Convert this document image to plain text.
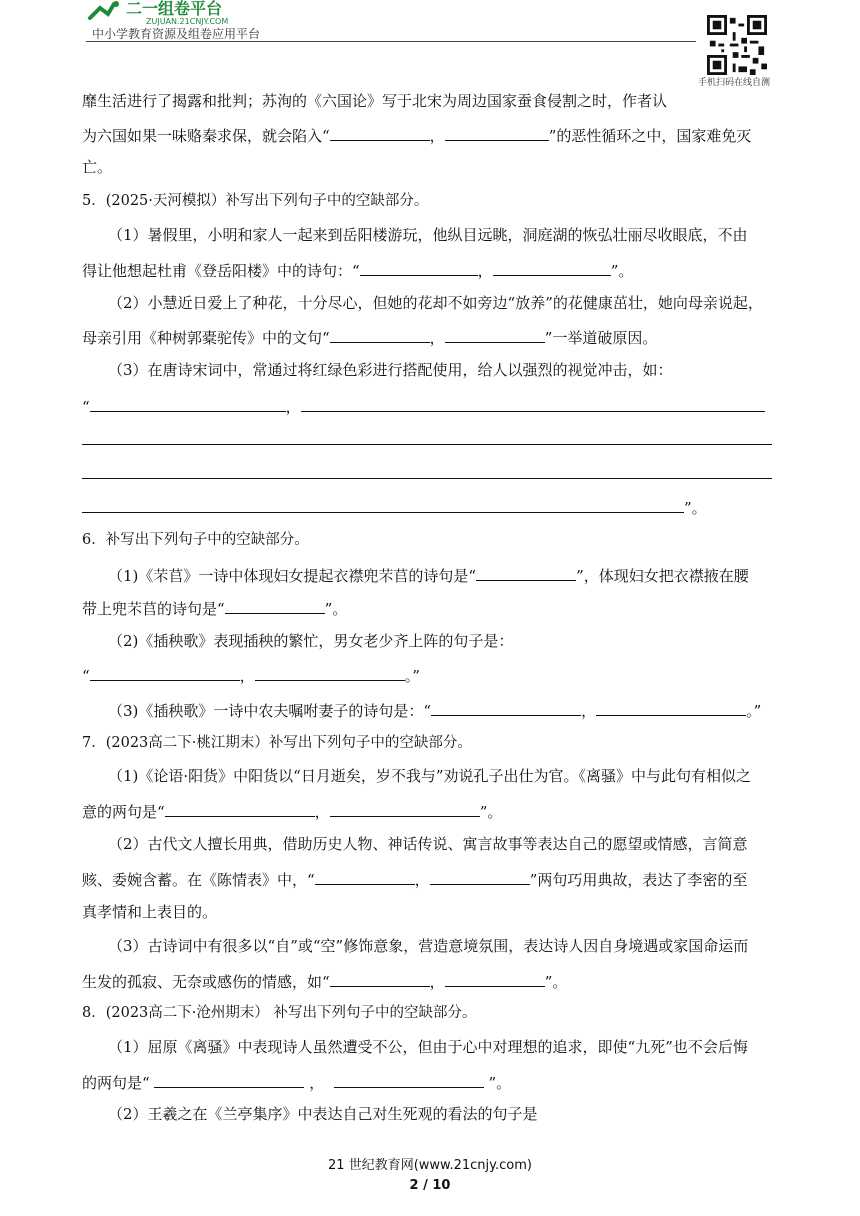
二一组卷平台
ZUJUAN.21CNJY.COM
中小学教育资源及组卷应用平台
手机扫码在线自测
靡生活进行了揭露和批判；苏洵的《六国论》写于北宋为周边国家蚕食侵割之时，作者认
为六国如果一味赂秦求保，就会陷入“	，	”的恶性循环之中，国家难免灭
亡。
5．(2025·天河模拟）补写出下列句子中的空缺部分。
（1）暑假里，小明和家人一起来到岳阳楼游玩，他纵目远眺，洞庭湖的恢弘壮丽尽收眼底，不由
得让他想起杜甫《登岳阳楼》中的诗句：“	，	”。
（2）小慧近日爱上了种花，十分尽心，但她的花却不如旁边“放养”的花健康茁壮，她向母亲说起，
母亲引用《种树郭橐驼传》中的文句“	，	”一举道破原因。
（3）在唐诗宋词中，常通过将红绿色彩进行搭配使用，给人以强烈的视觉冲击，如：
“	，
”。
6．补写出下列句子中的空缺部分。
（1)《芣苢》一诗中体现妇女提起衣襟兜芣苢的诗句是“	”，体现妇女把衣襟掖在腰
带上兜芣苢的诗句是“	”。
（2)《插秧歌》表现插秧的繁忙，男女老少齐上阵的句子是：
“	，	。”
（3)《插秧歌》一诗中农夫嘱咐妻子的诗句是：“	，	。”
7．(2023高二下·桃江期末）补写出下列句子中的空缺部分。
（1)《论语·阳货》中阳货以“日月逝矣，岁不我与”劝说孔子出仕为官。《离骚》中与此句有相似之
意的两句是“	，	”。
（2）古代文人擅长用典，借助历史人物、神话传说、寓言故事等表达自己的愿望或情感，言简意
赅、委婉含蓄。在《陈情表》中，“	，	”两句巧用典故，表达了李密的至
真孝情和上表目的。
（3）古诗词中有很多以“自”或“空”修饰意象，营造意境氛围，表达诗人因自身境遇或家国命运而
生发的孤寂、无奈或感伤的情感，如“	，	”。
8．(2023高二下·沧州期末） 补写出下列句子中的空缺部分。
（1）屈原《离骚》中表现诗人虽然遭受不公，但由于心中对理想的追求，即使“九死”也不会后悔
的两句是“	，	”。
（2）王羲之在《兰亭集序》中表达自己对生死观的看法的句子是
21 世纪教育网(www.21cnjy.com)
2 / 10
